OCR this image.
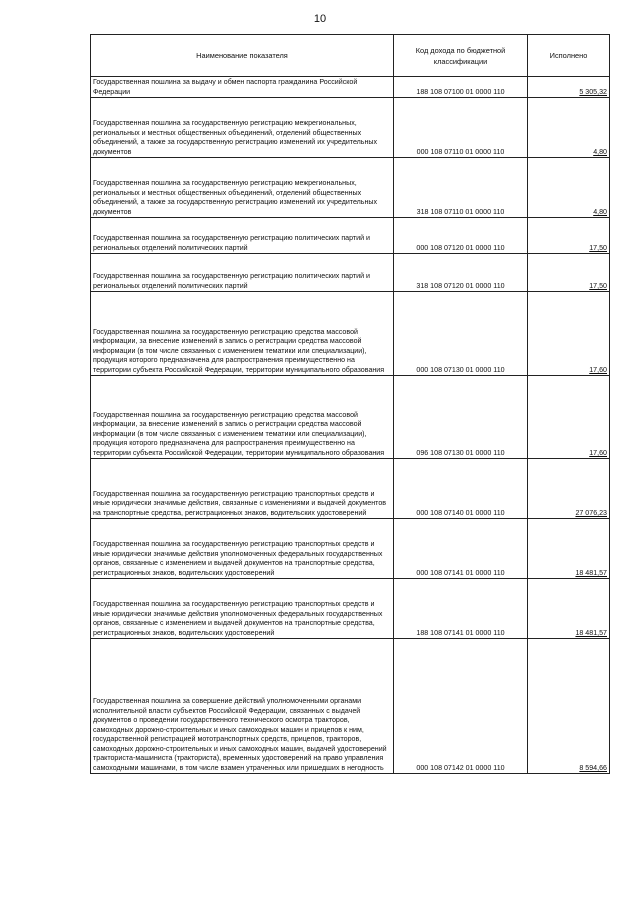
10
Наименование показателя	Код дохода по бюджетной классификации	Исполнено
Государственная пошлина за выдачу и обмен паспорта гражданина Российской Федерации	188 108 07100 01 0000 110	5 305,32
Государственная пошлина за государственную регистрацию межрегиональных, региональных и местных общественных объединений, отделений общественных объединений, а также за государственную регистрацию изменений их учредительных документов	000 108 07110 01 0000 110	4,80
Государственная пошлина за государственную регистрацию межрегиональных, региональных и местных общественных объединений, отделений общественных объединений, а также за государственную регистрацию изменений их учредительных документов	318 108 07110 01 0000 110	4,80
Государственная пошлина за государственную регистрацию политических партий и региональных отделений политических партий	000 108 07120 01 0000 110	17,50
Государственная пошлина за государственную регистрацию политических партий и региональных отделений политических партий	318 108 07120 01 0000 110	17,50
Государственная пошлина за государственную регистрацию средства массовой информации, за внесение изменений в запись о регистрации средства массовой информации (в том числе связанных с изменением тематики или специализации), продукция которого предназначена для распространения преимущественно на территории субъекта Российской Федерации, территории муниципального образования	000 108 07130 01 0000 110	17,60
Государственная пошлина за государственную регистрацию средства массовой информации, за внесение изменений в запись о регистрации средства массовой информации (в том числе связанных с изменением тематики или специализации), продукция которого предназначена для распространения преимущественно на территории субъекта Российской Федерации, территории муниципального образования	096 108 07130 01 0000 110	17,60
Государственная пошлина за государственную регистрацию транспортных средств и иные юридически значимые действия, связанные с изменениями и выдачей документов на транспортные средства, регистрационных знаков, водительских удостоверений	000 108 07140 01 0000 110	27 076,23
Государственная пошлина за государственную регистрацию транспортных средств и иные юридически значимые действия уполномоченных федеральных государственных органов, связанные с изменением и выдачей документов на транспортные средства, регистрационных знаков, водительских удостоверений	000 108 07141 01 0000 110	18 481,57
Государственная пошлина за государственную регистрацию транспортных средств и иные юридически значимые действия уполномоченных федеральных государственных органов, связанные с изменением и выдачей документов на транспортные средства, регистрационных знаков, водительских удостоверений	188 108 07141 01 0000 110	18 481,57
Государственная пошлина за совершение действий уполномоченными органами исполнительной власти субъектов Российской Федерации, связанных с выдачей документов о проведении государственного технического осмотра тракторов, самоходных дорожно-строительных и иных самоходных машин и прицепов к ним, государственной регистрацией мототранспортных средств, прицепов, тракторов, самоходных дорожно-строительных и иных самоходных машин, выдачей удостоверений тракториста-машиниста (тракториста), временных удостоверений на право управления самоходными машинами, в том числе взамен утраченных или пришедших в негодность	000 108 07142 01 0000 110	8 594,66
